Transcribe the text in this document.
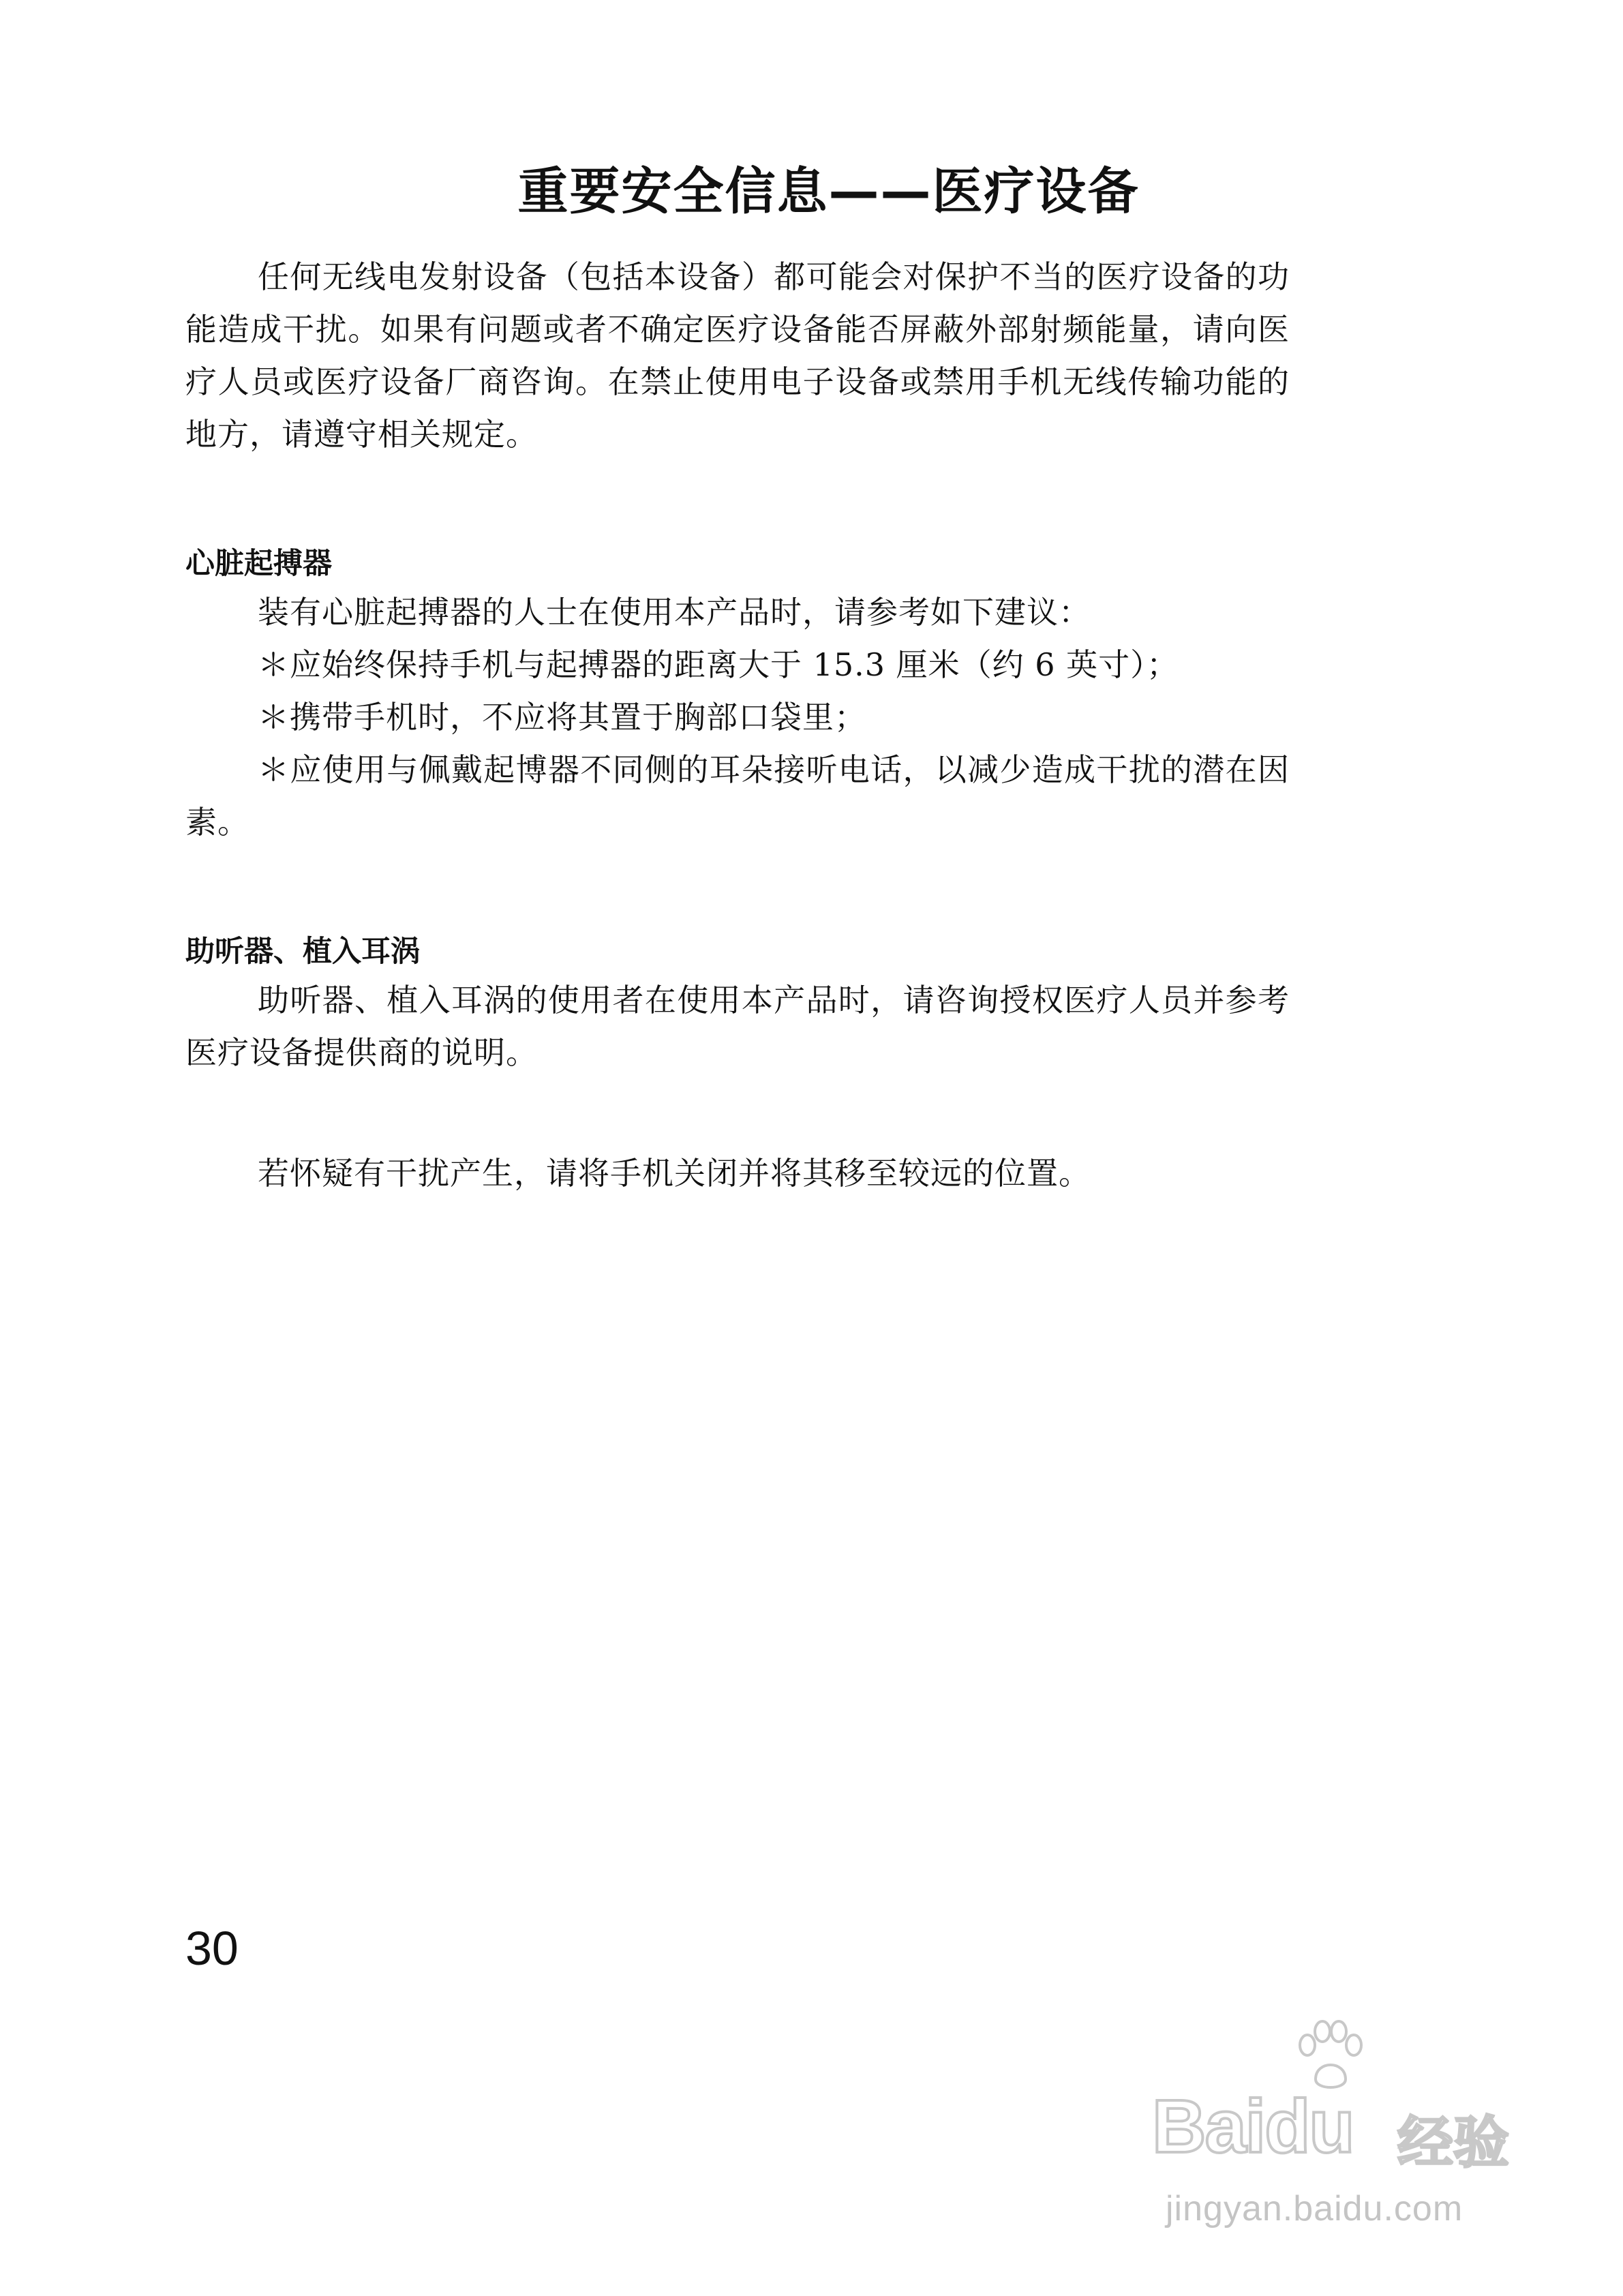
重要安全信息——医疗设备

任何无线电发射设备（包括本设备）都可能会对保护不当的医疗设备的功能造成干扰。如果有问题或者不确定医疗设备能否屏蔽外部射频能量，请向医疗人员或医疗设备厂商咨询。在禁止使用电子设备或禁用手机无线传输功能的地方，请遵守相关规定。

心脏起搏器

装有心脏起搏器的人士在使用本产品时，请参考如下建议：

＊应始终保持手机与起搏器的距离大于 15.3 厘米（约 6 英寸）；

＊携带手机时，不应将其置于胸部口袋里；

＊应使用与佩戴起博器不同侧的耳朵接听电话，以减少造成干扰的潜在因素。

助听器、植入耳涡

助听器、植入耳涡的使用者在使用本产品时，请咨询授权医疗人员并参考医疗设备提供商的说明。

若怀疑有干扰产生，请将手机关闭并将其移至较远的位置。

30
Baidu 经验
jingyan.baidu.com
